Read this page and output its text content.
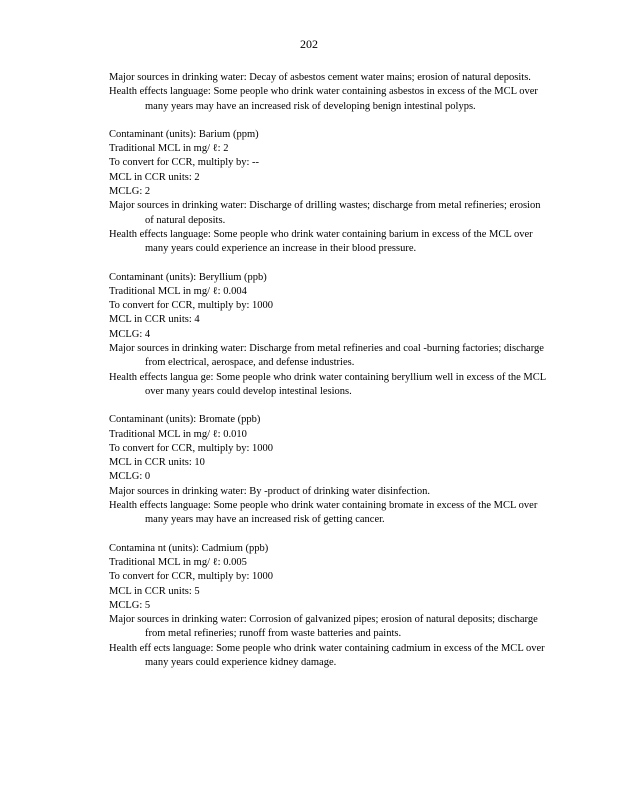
202
Major sources in drinking water: Decay of asbestos cement water mains; erosion of natural deposits.
Health effects language: Some people who drink water containing asbestos in excess of the MCL over many years may have an increased risk of developing benign intestinal polyps.
Contaminant (units): Barium (ppm)
Traditional MCL in mg/ ℓ: 2
To convert for CCR, multiply by: --
MCL in CCR units: 2
MCLG: 2
Major sources in drinking water: Discharge of drilling wastes; discharge from metal refineries; erosion of natural deposits.
Health effects language: Some people who drink water containing barium in excess of the MCL over many years could experience an increase in their blood pressure.
Contaminant (units): Beryllium (ppb)
Traditional MCL in mg/ ℓ: 0.004
To convert for CCR, multiply by: 1000
MCL in CCR units: 4
MCLG: 4
Major sources in drinking water: Discharge from metal refineries and coal -burning factories; discharge from electrical, aerospace, and defense industries.
Health effects langua ge: Some people who drink water containing beryllium well in excess of the MCL over many years could develop intestinal lesions.
Contaminant (units): Bromate (ppb)
Traditional MCL in mg/ ℓ: 0.010
To convert for CCR, multiply by: 1000
MCL in CCR units: 10
MCLG: 0
Major sources in drinking water: By -product of drinking water disinfection.
Health effects language: Some people who drink water containing bromate in excess of the MCL over many years may have an increased risk of getting cancer.
Contamina nt (units): Cadmium (ppb)
Traditional MCL in mg/ ℓ: 0.005
To convert for CCR, multiply by: 1000
MCL in CCR units: 5
MCLG: 5
Major sources in drinking water: Corrosion of galvanized pipes; erosion of natural deposits; discharge from metal refineries; runoff from waste batteries and paints.
Health eff ects language: Some people who drink water containing cadmium in excess of the MCL over many years could experience kidney damage.
